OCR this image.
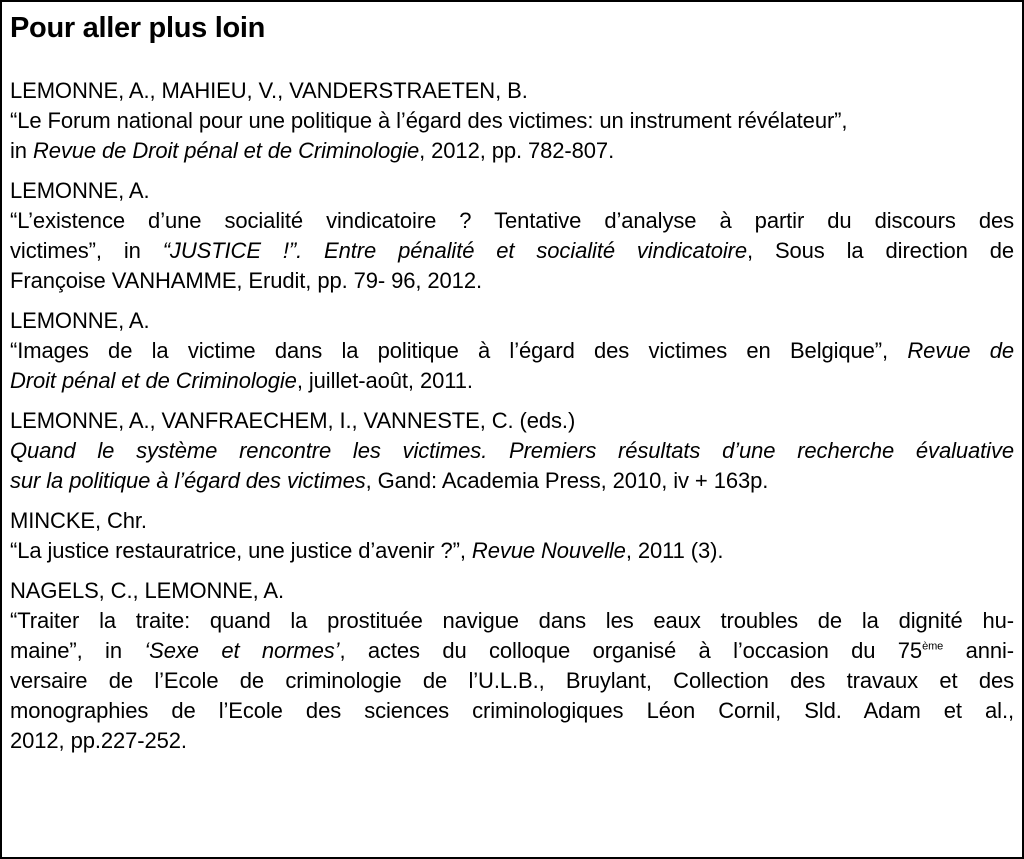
Pour aller plus loin
LEMONNE, A., MAHIEU, V., VANDERSTRAETEN, B.
“Le Forum national pour une politique à l’égard des victimes: un instrument révélateur”,
in Revue de Droit pénal et de Criminologie, 2012, pp. 782-807.
LEMONNE, A.
“L’existence d’une socialité vindicatoire ? Tentative d’analyse à partir du discours des
victimes”, in “JUSTICE !”. Entre pénalité et socialité vindicatoire, Sous la direction de
Françoise VANHAMME, Erudit, pp. 79- 96, 2012.
LEMONNE, A.
“Images de la victime dans la politique à l’égard des victimes en Belgique”, Revue de
Droit pénal et de Criminologie, juillet-août, 2011.
LEMONNE, A., VANFRAECHEM, I., VANNESTE, C. (eds.)
Quand le système rencontre les victimes. Premiers résultats d’une recherche évaluative
sur la politique à l’égard des victimes, Gand: Academia Press, 2010, iv + 163p.
MINCKE, Chr.
“La justice restauratrice, une justice d’avenir ?”, Revue Nouvelle, 2011 (3).
NAGELS, C., LEMONNE, A.
“Traiter la traite: quand la prostituée navigue dans les eaux troubles de la dignité hu-
maine”, in ‘Sexe et normes’, actes du colloque organisé à l’occasion du 75ème anni-
versaire de l’Ecole de criminologie de l’U.L.B., Bruylant, Collection des travaux et des
monographies de l’Ecole des sciences criminologiques Léon Cornil, Sld. Adam et al.,
2012, pp.227-252.
